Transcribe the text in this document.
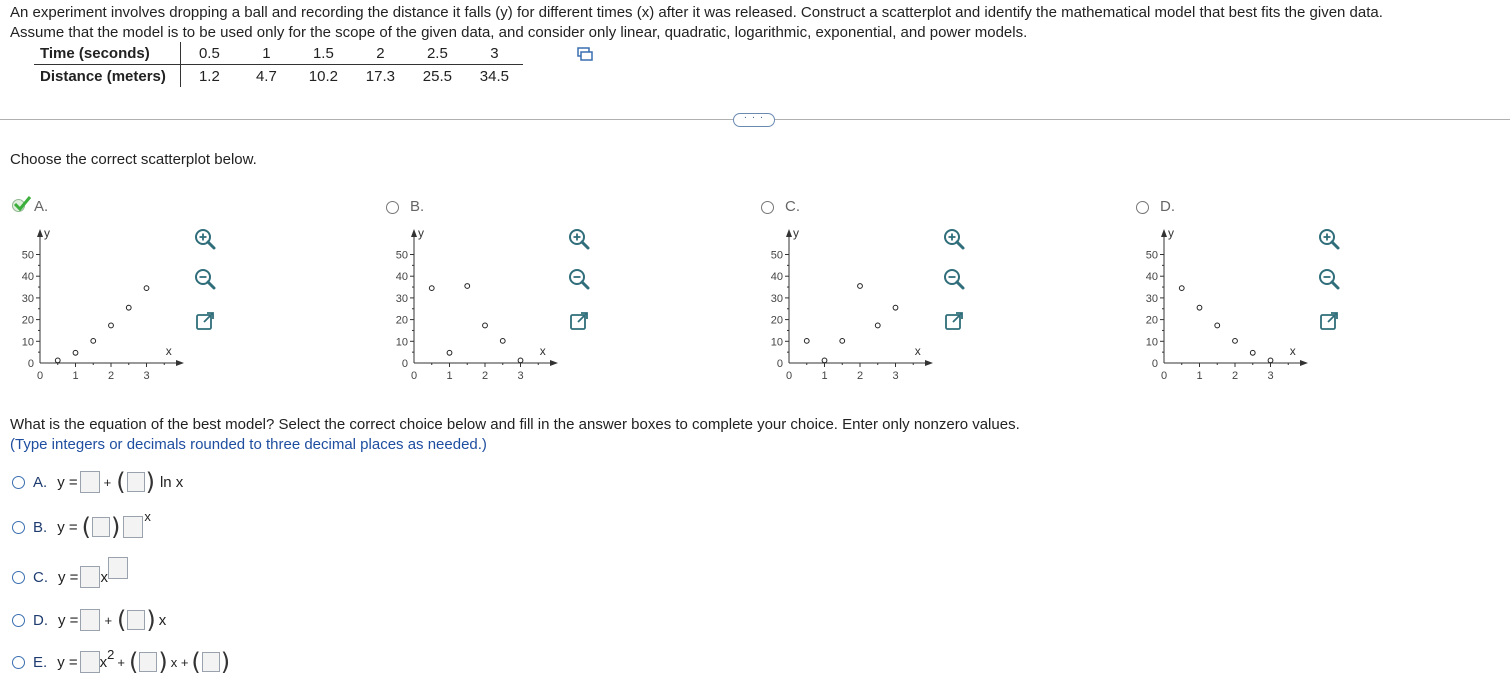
An experiment involves dropping a ball and recording the distance it falls (y) for different times (x) after it was released. Construct a scatterplot and identify the mathematical model that best fits the given data.
Assume that the model is to be used only for the scope of the given data, and consider only linear, quadratic, logarithmic, exponential, and power models.
Time (seconds)	0.5	1	1.5	2	2.5	3
Distance (meters)	1.2	4.7	10.2	17.3	25.5	34.5
· · ·
Choose the correct scatterplot below.
A.
y
x
50
40
30
20
10
0
0	1	2	3
B.
y
x
50
40
30
20
10
0
0	1	2	3
C.
y
x
50
40
30
20
10
0
0	1	2	3
D.
y
x
50
40
30
20
10
0
0	1	2	3
What is the equation of the best model? Select the correct choice below and fill in the answer boxes to complete your choice. Enter only nonzero values.
(Type integers or decimals rounded to three decimal places as needed.)
A. y = + ( ) ln x
B. y = ( ) x
C. y = x
D. y = + ( ) x
E. y = x 2
+ ( ) x + ( )
